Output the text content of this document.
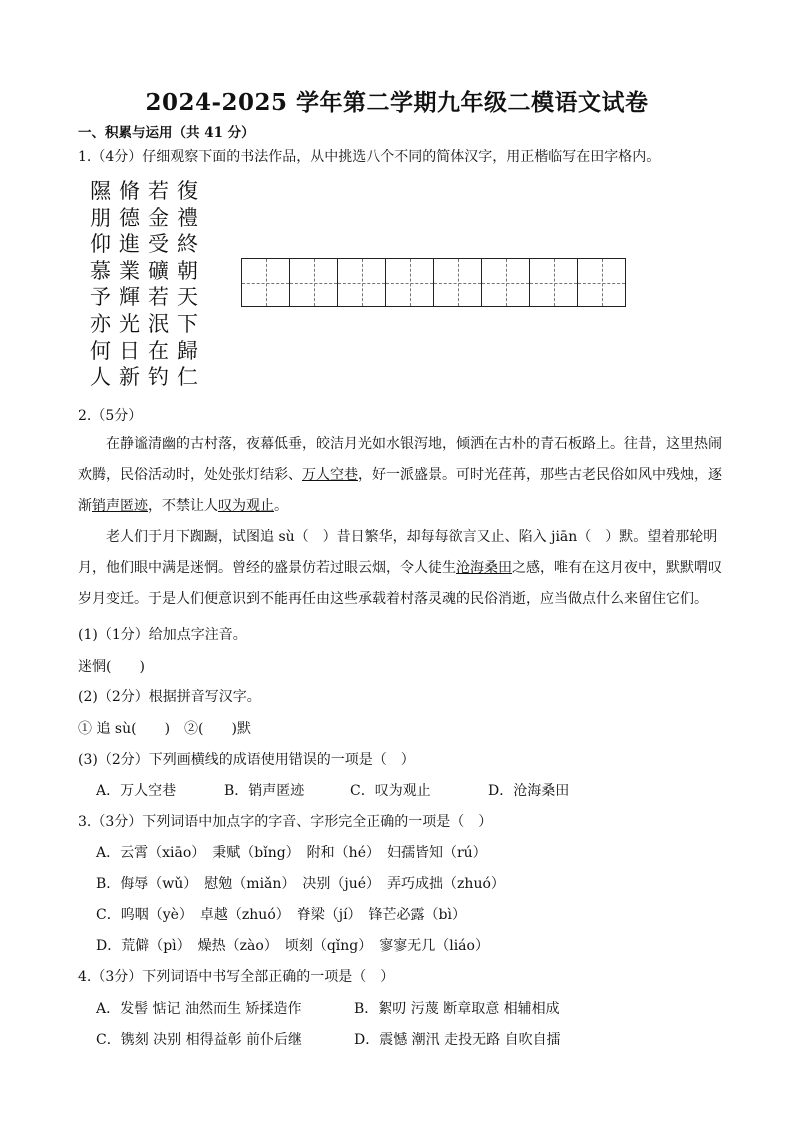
2024-2025 学年第二学期九年级二模语文试卷
一、积累与运用（共 41 分）
1.（4分）仔细观察下面的书法作品，从中挑选八个不同的简体汉字，用正楷临写在田字格内。
隰 脩 若 復
朋 德 金 禮
仰 進 受 終
慕 業 礦 朝
予 輝 若 天
亦 光 泯 下
何 日 在 歸
人 新 钓 仁
2.（5分）

在静谧清幽的古村落，夜幕低垂，皎洁月光如水银泻地，倾洒在古朴的青石板路上。往昔，这里热闹欢腾，民俗活动时，处处张灯结彩、万人空巷，好一派盛景。可时光荏苒，那些古老民俗如风中残烛，逐渐销声匿迹，不禁让人叹为观止。

老人们于月下踟蹰，试图追 sù（　）昔日繁华，却每每欲言又止、陷入 jiān（　）默。望着那轮明月，他们眼中满是迷惘。曾经的盛景仿若过眼云烟，令人徒生沧海桑田之感，唯有在这月夜中，默默喟叹岁月变迁。于是人们便意识到不能再任由这些承载着村落灵魂的民俗消逝，应当做点什么来留住它们。

(1)（1分）给加点字注音。
迷惘(　　)
(2)（2分）根据拼音写汉字。
① 追 sù(　　)　②(　　)默
(3)（2分）下列画横线的成语使用错误的一项是（　）
A．万人空巷	B．销声匿迹	C．叹为观止	D．沧海桑田
3.（3分）下列词语中加点字的字音、字形完全正确的一项是（　）
A．云霄（xiāo）　秉赋（bǐng）　附和（hé）　妇孺皆知（rú）
B．侮辱（wǔ）　慰勉（miǎn）　决别（jué）　弄巧成拙（zhuó）
C．呜咽（yè）　卓越（zhuó）　脊梁（jí）　锋芒必露（bì）
D．荒僻（pì）　燥热（zào）　顷刻（qǐng）　寥寥无几（liáo）
4.（3分）下列词语中书写全部正确的一项是（　）
A．发髻 惦记 油然而生 矫揉造作	B．絮叨 污蔑 断章取意 相辅相成
C．镌刻 决别 相得益彰 前仆后继	D．震憾 潮汛 走投无路 自吹自擂
